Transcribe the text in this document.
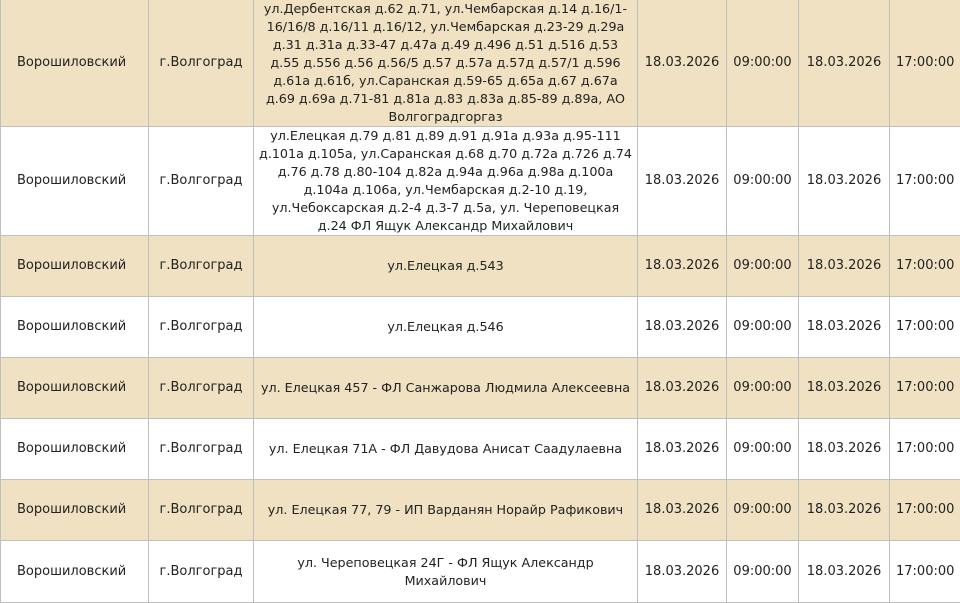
Ворошиловский	г.Волгоград	ул.Дербентская д.62 д.71, ул.Чембарская д.14 д.16/1-16/16/8 д.16/11 д.16/12, ул.Чембарская д.23-29 д.29а д.31 д.31а д.33-47 д.47а д.49 д.496 д.51 д.516 д.53 д.55 д.556 д.56 д.56/5 д.57 д.57а д.57д д.57/1 д.596 д.61а д.61б, ул.Саранская д.59-65 д.65а д.67 д.67а д.69 д.69а д.71-81 д.81а д.83 д.83а д.85-89 д.89а, АО Волгоградгоргаз	18.03.2026	09:00:00	18.03.2026	17:00:00
Ворошиловский	г.Волгоград	ул.Елецкая д.79 д.81 д.89 д.91 д.91а д.93а д.95-111 д.101а д.105а, ул.Саранская д.68 д.70 д.72а д.726 д.74 д.76 д.78 д.80-104 д.82а д.94а д.96а д.98а д.100а д.104а д.106а, ул.Чембарская д.2-10 д.19, ул.Чебоксарская д.2-4 д.3-7 д.5а, ул. Череповецкая д.24 ФЛ Ящук Александр Михайлович	18.03.2026	09:00:00	18.03.2026	17:00:00
Ворошиловский	г.Волгоград	ул.Елецкая д.543	18.03.2026	09:00:00	18.03.2026	17:00:00
Ворошиловский	г.Волгоград	ул.Елецкая д.546	18.03.2026	09:00:00	18.03.2026	17:00:00
Ворошиловский	г.Волгоград	ул. Елецкая 457 - ФЛ Санжарова Людмила Алексеевна	18.03.2026	09:00:00	18.03.2026	17:00:00
Ворошиловский	г.Волгоград	ул. Елецкая 71А - ФЛ Давудова Анисат Саадулаевна	18.03.2026	09:00:00	18.03.2026	17:00:00
Ворошиловский	г.Волгоград	ул. Елецкая 77, 79 - ИП Варданян Норайр Рафикович	18.03.2026	09:00:00	18.03.2026	17:00:00
Ворошиловский	г.Волгоград	ул. Череповецкая 24Г - ФЛ Ящук Александр Михайлович	18.03.2026	09:00:00	18.03.2026	17:00:00
